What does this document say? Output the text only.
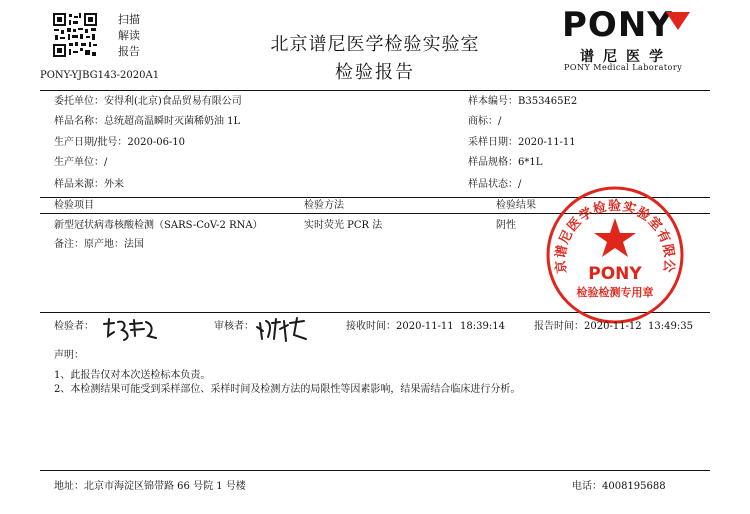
扫描
解读
报告
PONY-YJBG143-2020A1
北京谱尼医学检验实验室
检验报告
PONY
谱尼医学
PONY Medical Laboratory
委托单位：安得利(北京)食品贸易有限公司	样本编号：B353465E2
样品名称：总统超高温瞬时灭菌稀奶油 1L	商标：/
生产日期/批号：2020-06-10	采样日期：2020-11-11
生产单位：/	样品规格：6*1L
样品来源：外来	样品状态：/
检验项目	检验方法	检验结果
新型冠状病毒核酸检测（SARS-CoV-2 RNA）	实时荧光 PCR 法	阴性
备注：原产地：法国
京谱尼医学检验实验室有限公
PONY
检验检测专用章
检验者：	审核者：	接收时间：2020-11-11  18:39:14	报告时间：2020-11-12  13:49:35
声明：
1、此报告仅对本次送检标本负责。
2、本检测结果可能受到采样部位、采样时间及检测方法的局限性等因素影响，结果需结合临床进行分析。
地址：北京市海淀区锦带路 66 号院 1 号楼	电话：4008195688
